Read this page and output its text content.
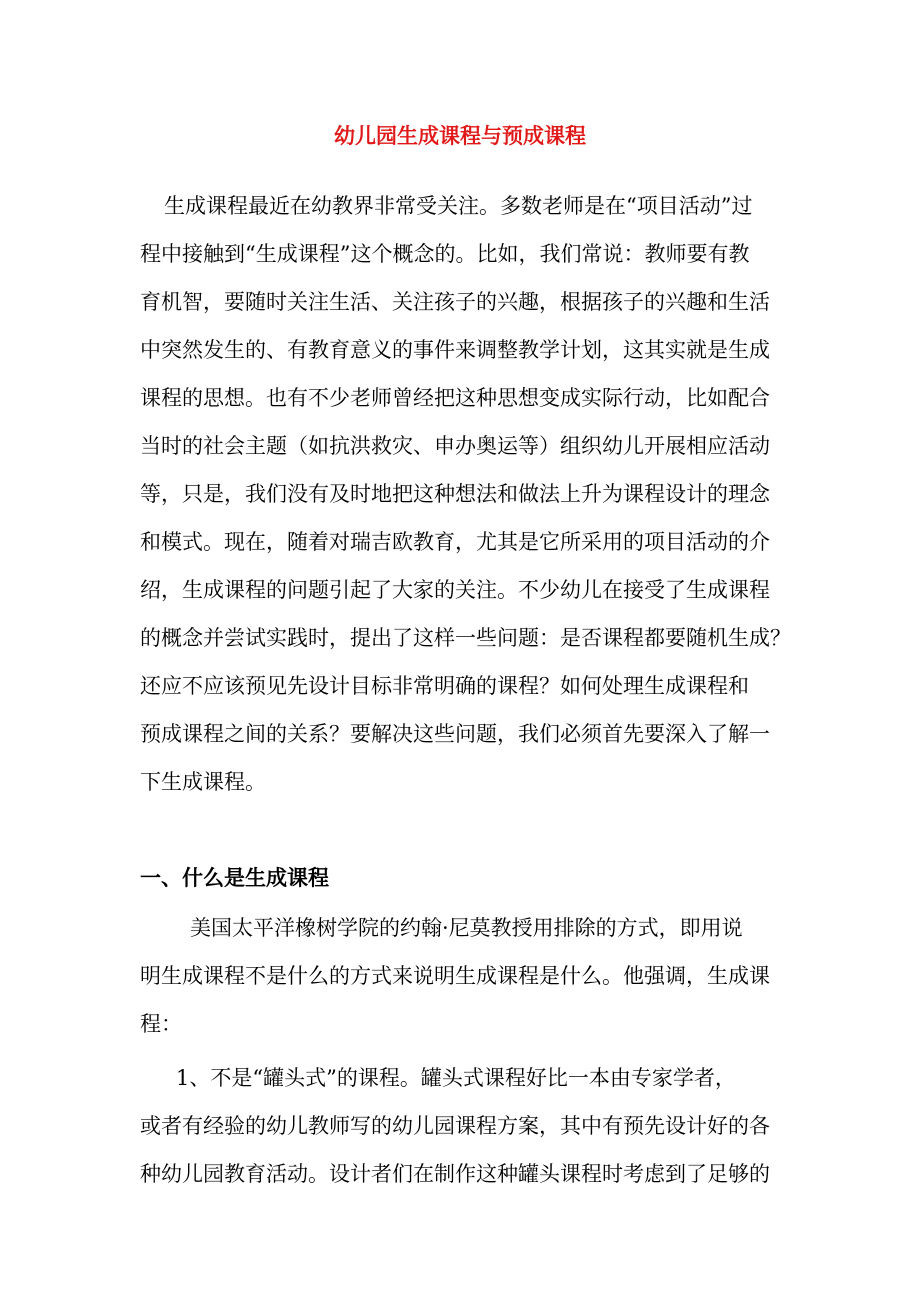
幼儿园生成课程与预成课程
生成课程最近在幼教界非常受关注。多数老师是在“项目活动”过
程中接触到“生成课程”这个概念的。比如，我们常说：教师要有教
育机智，要随时关注生活、关注孩子的兴趣，根据孩子的兴趣和生活
中突然发生的、有教育意义的事件来调整教学计划，这其实就是生成
课程的思想。也有不少老师曾经把这种思想变成实际行动，比如配合
当时的社会主题（如抗洪救灾、申办奥运等）组织幼儿开展相应活动
等，只是，我们没有及时地把这种想法和做法上升为课程设计的理念
和模式。现在，随着对瑞吉欧教育，尤其是它所采用的项目活动的介
绍，生成课程的问题引起了大家的关注。不少幼儿在接受了生成课程
的概念并尝试实践时，提出了这样一些问题：是否课程都要随机生成？
还应不应该预见先设计目标非常明确的课程？如何处理生成课程和
预成课程之间的关系？要解决这些问题，我们必须首先要深入了解一
下生成课程。
一、什么是生成课程
美国太平洋橡树学院的约翰·尼莫教授用排除的方式，即用说
明生成课程不是什么的方式来说明生成课程是什么。他强调，生成课
程：
1、不是“罐头式”的课程。罐头式课程好比一本由专家学者，
或者有经验的幼儿教师写的幼儿园课程方案，其中有预先设计好的各
种幼儿园教育活动。设计者们在制作这种罐头课程时考虑到了足够的
